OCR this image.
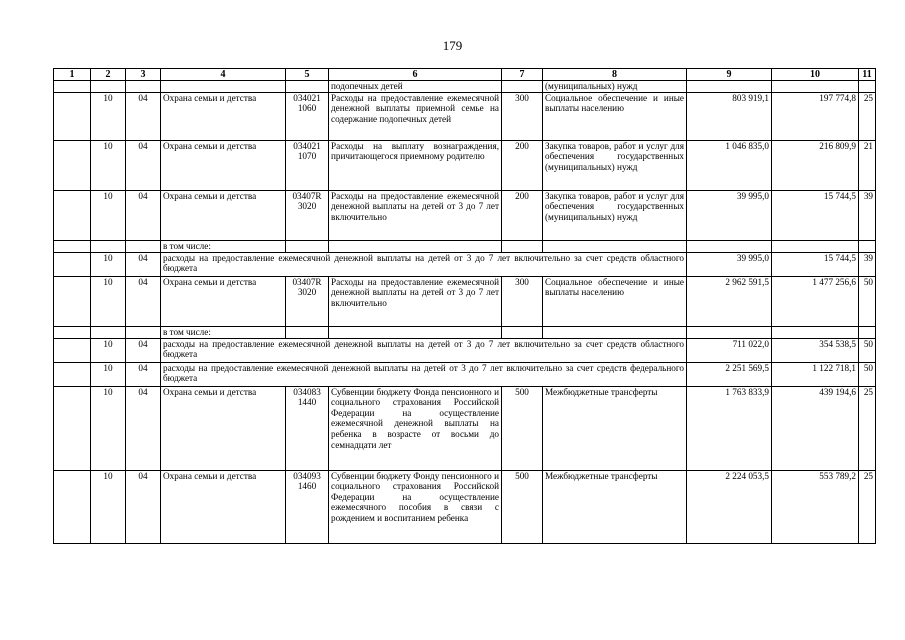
179
1	2	3	4	5	6	7	8	9	10	11
					подопечных детей		(муниципальных) нужд			
	10	04	Охрана семьи и детства	034021 1060	Расходы на предоставление ежемесячной денежной выплаты приемной семье на содержание подопечных детей	300	Социальное обеспечение и иные выплаты населению	803 919,1	197 774,8	25
	10	04	Охрана семьи и детства	034021 1070	Расходы на выплату вознаграждения, причитающегося приемному родителю	200	Закупка товаров, работ и услуг для обеспечения государственных (муниципальных) нужд	1 046 835,0	216 809,9	21
	10	04	Охрана семьи и детства	03407R 3020	Расходы на предоставление ежемесячной денежной выплаты на детей от 3 до 7 лет включительно	200	Закупка товаров, работ и услуг для обеспечения государственных (муниципальных) нужд	39 995,0	15 744,5	39
			в том числе:							
	10	04	расходы на предоставление ежемесячной денежной выплаты на детей от 3 до 7 лет включительно за счет средств областного бюджета					39 995,0	15 744,5	39
	10	04	Охрана семьи и детства	03407R 3020	Расходы на предоставление ежемесячной денежной выплаты на детей от 3 до 7 лет включительно	300	Социальное обеспечение и иные выплаты населению	2 962 591,5	1 477 256,6	50
			в том числе:							
	10	04	расходы на предоставление ежемесячной денежной выплаты на детей от 3 до 7 лет включительно за счет средств областного бюджета					711 022,0	354 538,5	50
	10	04	расходы на предоставление ежемесячной денежной выплаты на детей от 3 до 7 лет включительно за счет средств федерального бюджета					2 251 569,5	1 122 718,1	50
	10	04	Охрана семьи и детства	034083 1440	Субвенции бюджету Фонда пенсионного и социального страхования Российской Федерации на осуществление ежемесячной денежной выплаты на ребенка в возрасте от восьми до семнадцати лет	500	Межбюджетные трансферты	1 763 833,9	439 194,6	25
	10	04	Охрана семьи и детства	034093 1460	Субвенции бюджету Фонду пенсионного и социального страхования Российской Федерации на осуществление ежемесячного пособия в связи с рождением и воспитанием ребенка	500	Межбюджетные трансферты	2 224 053,5	553 789,2	25
